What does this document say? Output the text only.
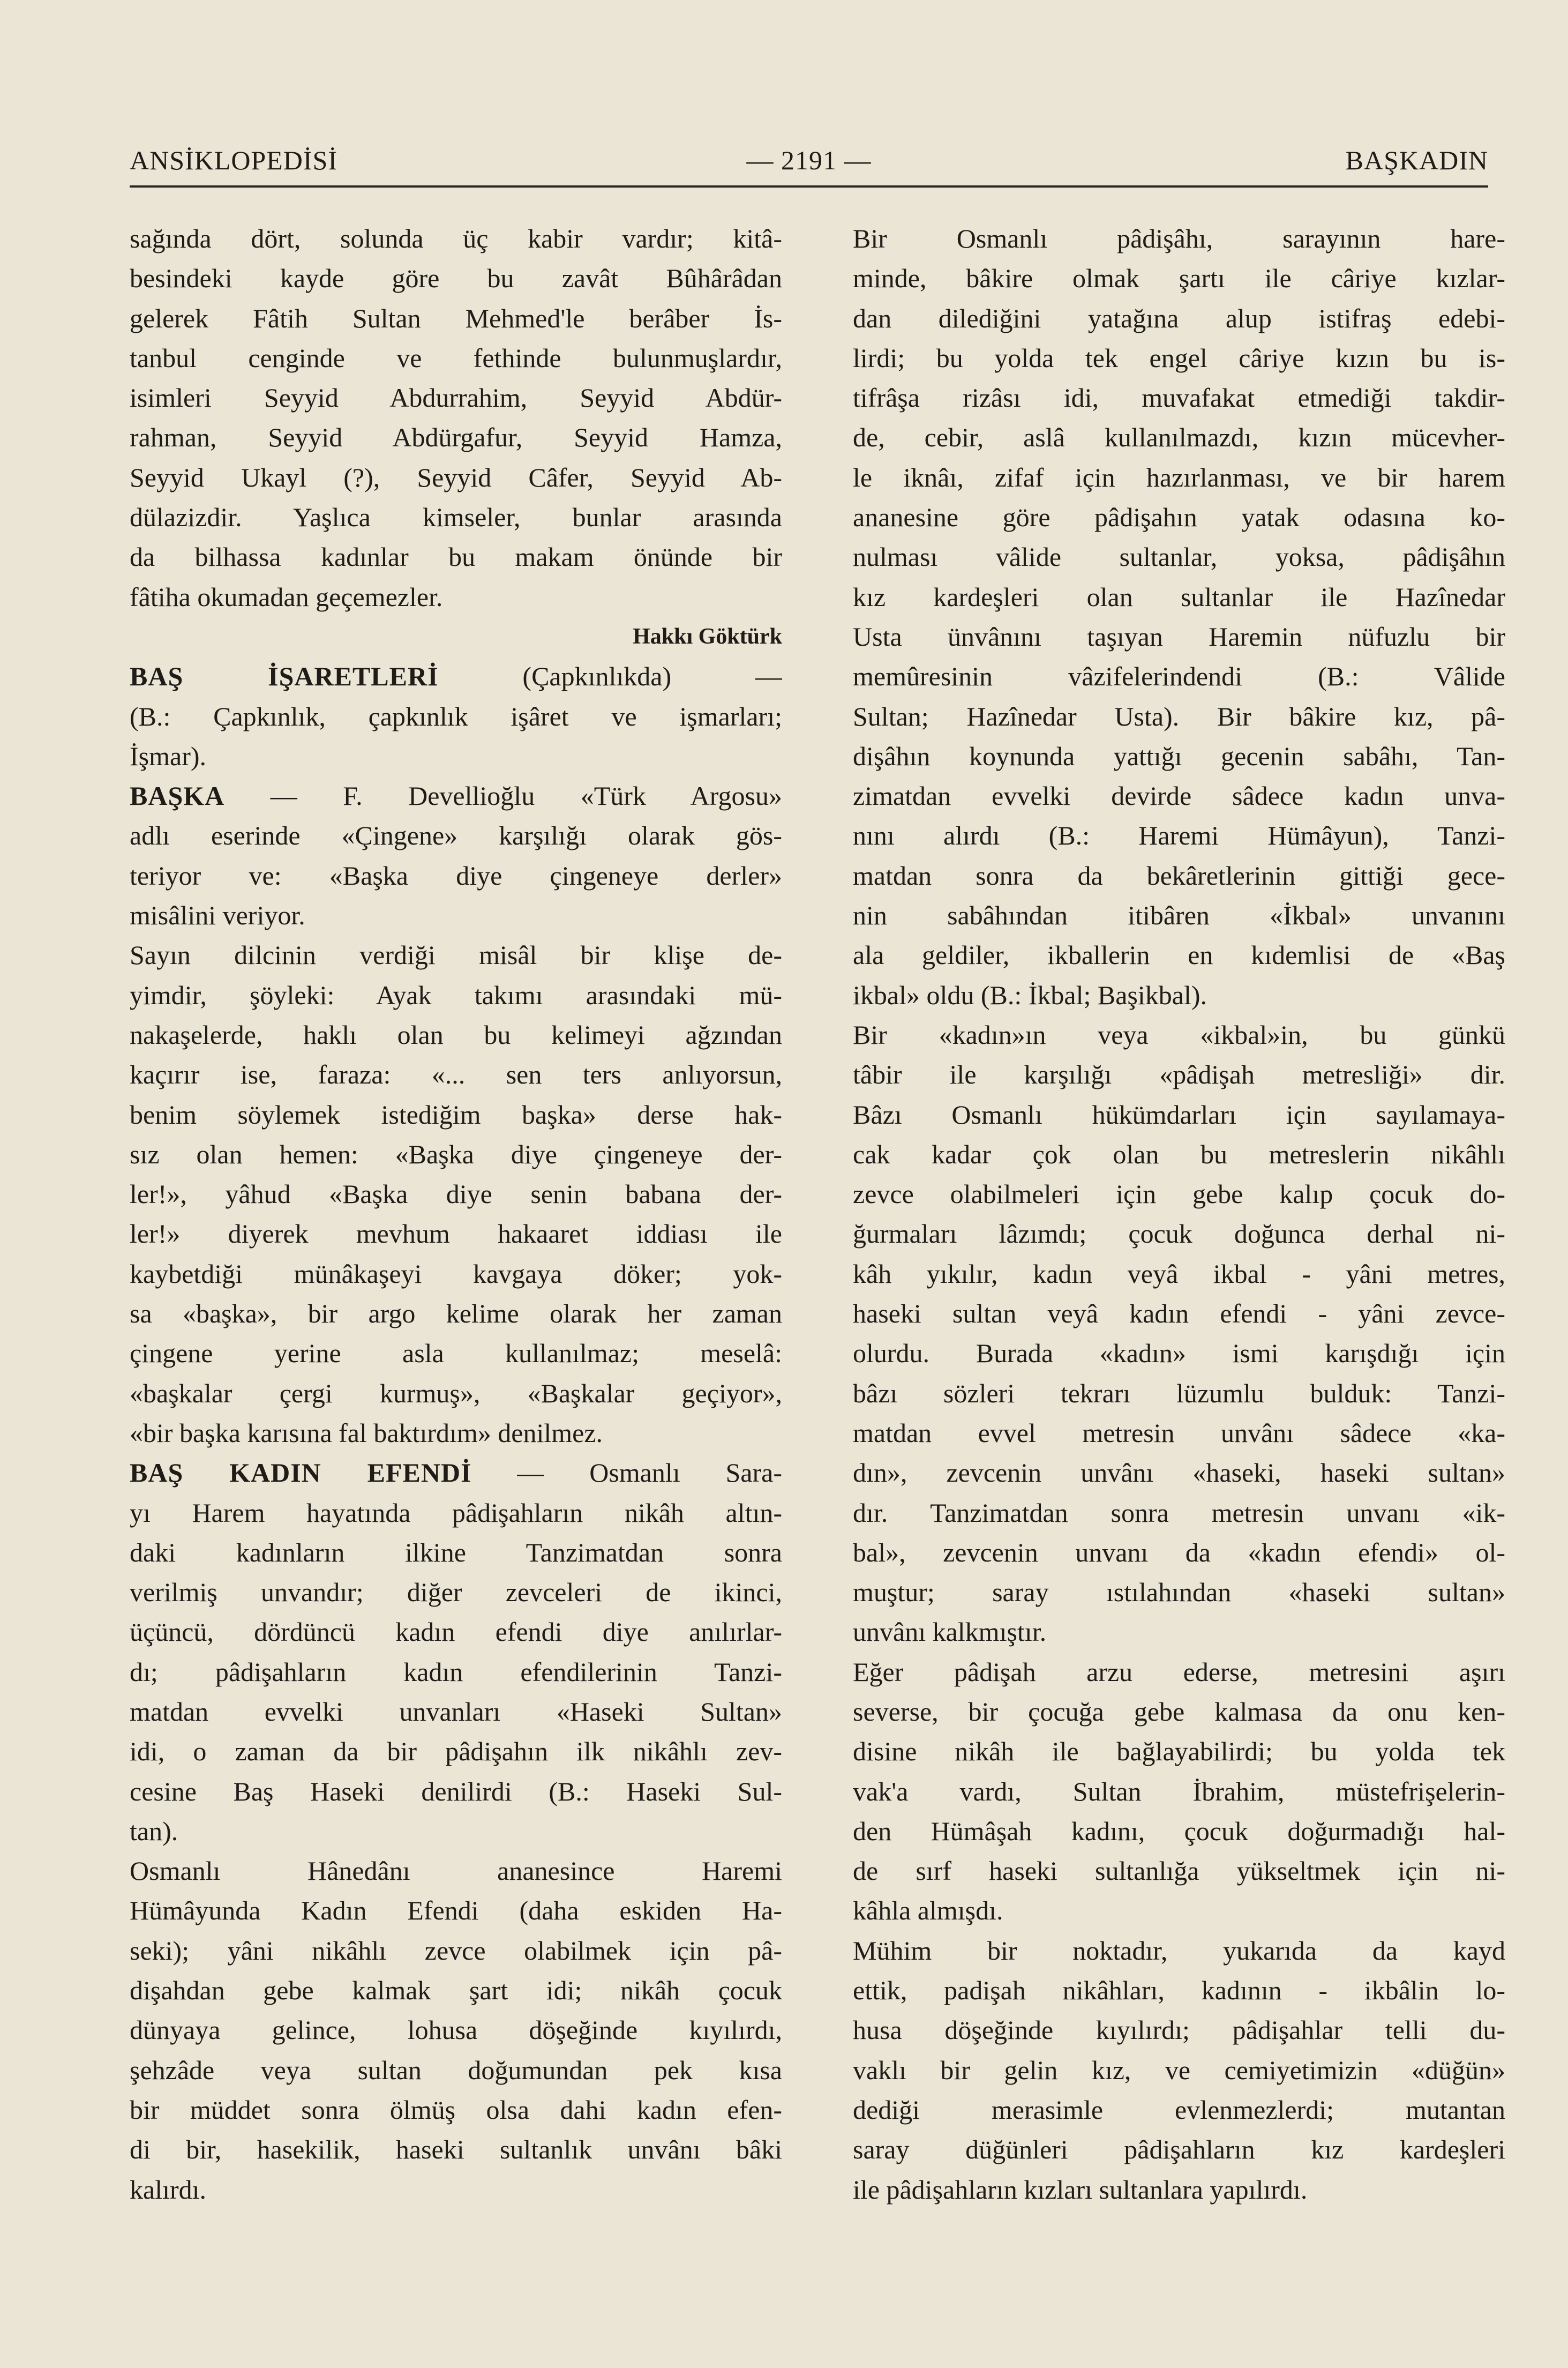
ANSİKLOPEDİSİ	— 2191 —	BAŞKADIN
sağında dört, solunda üç kabir vardır; kitâ-
besindeki kayde göre bu zavât Bûhârâdan
gelerek Fâtih Sultan Mehmed'le berâber İs-
tanbul cenginde ve fethinde bulunmuşlardır,
isimleri Seyyid Abdurrahim, Seyyid Abdür-
rahman, Seyyid Abdürgafur, Seyyid Hamza,
Seyyid Ukayl (?), Seyyid Câfer, Seyyid Ab-
dülazizdir. Yaşlıca kimseler, bunlar arasında
da bilhassa kadınlar bu makam önünde bir
fâtiha okumadan geçemezler.
Hakkı Göktürk
BAŞ İŞARETLERİ (Çapkınlıkda) —
(B.: Çapkınlık, çapkınlık işâret ve işmarları;
İşmar).
BAŞKA — F. Devellioğlu «Türk Argosu»
adlı eserinde «Çingene» karşılığı olarak gös-
teriyor ve: «Başka diye çingeneye derler»
misâlini veriyor.
Sayın dilcinin verdiği misâl bir klişe de-
yimdir, şöyleki: Ayak takımı arasındaki mü-
nakaşelerde, haklı olan bu kelimeyi ağzından
kaçırır ise, faraza: «... sen ters anlıyorsun,
benim söylemek istediğim başka» derse hak-
sız olan hemen: «Başka diye çingeneye der-
ler!», yâhud «Başka diye senin babana der-
ler!» diyerek mevhum hakaaret iddiası ile
kaybetdiği münâkaşeyi kavgaya döker; yok-
sa «başka», bir argo kelime olarak her zaman
çingene yerine asla kullanılmaz; meselâ:
«başkalar çergi kurmuş», «Başkalar geçiyor»,
«bir başka karısına fal baktırdım» denilmez.
BAŞ KADIN EFENDİ — Osmanlı Sara-
yı Harem hayatında pâdişahların nikâh altın-
daki kadınların ilkine Tanzimatdan sonra
verilmiş unvandır; diğer zevceleri de ikinci,
üçüncü, dördüncü kadın efendi diye anılırlar-
dı; pâdişahların kadın efendilerinin Tanzi-
matdan evvelki unvanları «Haseki Sultan»
idi, o zaman da bir pâdişahın ilk nikâhlı zev-
cesine Baş Haseki denilirdi (B.: Haseki Sul-
tan).
Osmanlı Hânedânı ananesince Haremi
Hümâyunda Kadın Efendi (daha eskiden Ha-
seki); yâni nikâhlı zevce olabilmek için pâ-
dişahdan gebe kalmak şart idi; nikâh çocuk
dünyaya gelince, lohusa döşeğinde kıyılırdı,
şehzâde veya sultan doğumundan pek kısa
bir müddet sonra ölmüş olsa dahi kadın efen-
di bir, hasekilik, haseki sultanlık unvânı bâki
kalırdı.
Bir Osmanlı pâdişâhı, sarayının hare-
minde, bâkire olmak şartı ile câriye kızlar-
dan dilediğini yatağına alup istifraş edebi-
lirdi; bu yolda tek engel câriye kızın bu is-
tifrâşa rizâsı idi, muvafakat etmediği takdir-
de, cebir, aslâ kullanılmazdı, kızın mücevher-
le iknâı, zifaf için hazırlanması, ve bir harem
ananesine göre pâdişahın yatak odasına ko-
nulması vâlide sultanlar, yoksa, pâdişâhın
kız kardeşleri olan sultanlar ile Hazînedar
Usta ünvânını taşıyan Haremin nüfuzlu bir
memûresinin vâzifelerindendi (B.: Vâlide
Sultan; Hazînedar Usta). Bir bâkire kız, pâ-
dişâhın koynunda yattığı gecenin sabâhı, Tan-
zimatdan evvelki devirde sâdece kadın unva-
nını alırdı (B.: Haremi Hümâyun), Tanzi-
matdan sonra da bekâretlerinin gittiği gece-
nin sabâhından itibâren «İkbal» unvanını
ala geldiler, ikballerin en kıdemlisi de «Baş
ikbal» oldu (B.: İkbal; Başikbal).
Bir «kadın»ın veya «ikbal»in, bu günkü
tâbir ile karşılığı «pâdişah metresliği» dir.
Bâzı Osmanlı hükümdarları için sayılamaya-
cak kadar çok olan bu metreslerin nikâhlı
zevce olabilmeleri için gebe kalıp çocuk do-
ğurmaları lâzımdı; çocuk doğunca derhal ni-
kâh yıkılır, kadın veyâ ikbal - yâni metres,
haseki sultan veyâ kadın efendi - yâni zevce-
olurdu. Burada «kadın» ismi karışdığı için
bâzı sözleri tekrarı lüzumlu bulduk: Tanzi-
matdan evvel metresin unvânı sâdece «ka-
dın», zevcenin unvânı «haseki, haseki sultan»
dır. Tanzimatdan sonra metresin unvanı «ik-
bal», zevcenin unvanı da «kadın efendi» ol-
muştur; saray ıstılahından «haseki sultan»
unvânı kalkmıştır.
Eğer pâdişah arzu ederse, metresini aşırı
severse, bir çocuğa gebe kalmasa da onu ken-
disine nikâh ile bağlayabilirdi; bu yolda tek
vak'a vardı, Sultan İbrahim, müstefrişelerin-
den Hümâşah kadını, çocuk doğurmadığı hal-
de sırf haseki sultanlığa yükseltmek için ni-
kâhla almışdı.
Mühim bir noktadır, yukarıda da kayd
ettik, padişah nikâhları, kadının - ikbâlin lo-
husa döşeğinde kıyılırdı; pâdişahlar telli du-
vaklı bir gelin kız, ve cemiyetimizin «düğün»
dediği merasimle evlenmezlerdi; mutantan
saray düğünleri pâdişahların kız kardeşleri
ile pâdişahların kızları sultanlara yapılırdı.
